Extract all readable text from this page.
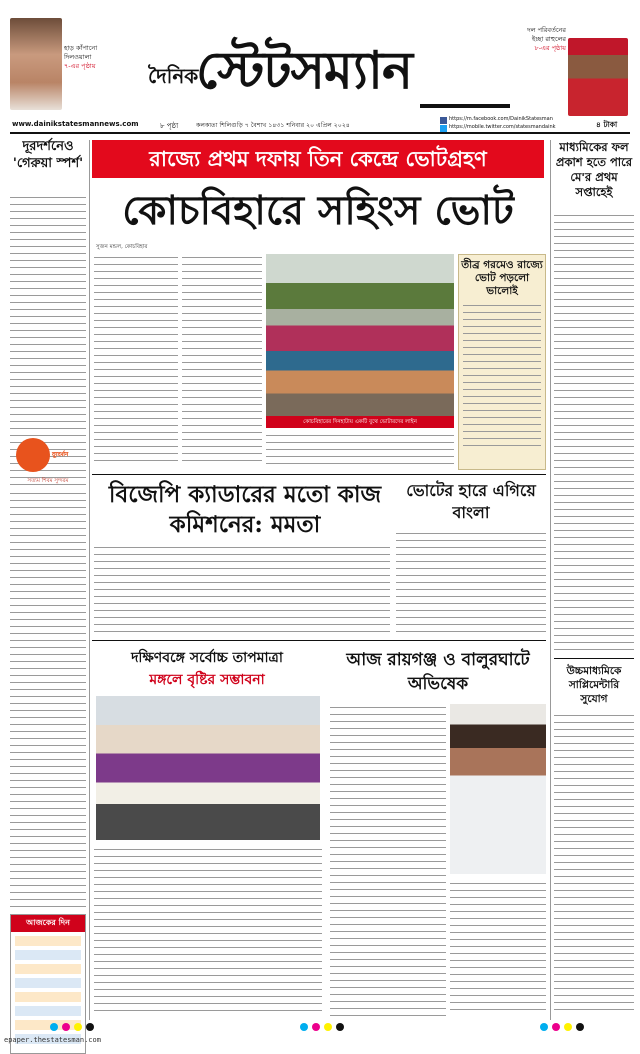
হাড় কাঁপানো
দিলওয়ালা
৭-এর পৃষ্ঠায়	দৈনিক
স্টেটসম্যান
দল পরিবর্তনের
ইচ্ছা রাহুলের
৮-এর পৃষ্ঠায়
www.dainikstatesmannews.com	৮ পৃষ্ঠা	কলকাতা শিলিগুড়ি ৭ বৈশাখ ১৪৩১ শনিবার ২০ এপ্রিল ২০২৪
https://m.facebook.com/DainikStatesman
https://mobile.twitter.com/statesmandaink	৪ টাকা
দূরদর্শনেও 'গেরুয়া স্পর্শ'
दूरदर्शन
সত্যম শিবম সুন্দরম
আজকের দিন
রাজ্যে প্রথম দফায় তিন কেন্দ্রে ভোটগ্রহণ
কোচবিহারে সহিংস ভোট
সুজন মন্ডল, কোচবিহার
কোচবিহারের দিনহাটায় একটি বুথে ভোটারদের লাইন
তীব্র গরমেও রাজ্যে ভোট পড়লো ভালোই
বিজেপি ক্যাডারের মতো কাজ কমিশনের: মমতা
ভোটের হারে এগিয়ে বাংলা
দক্ষিণবঙ্গে সর্বোচ্চ তাপমাত্রা
মঙ্গলে বৃষ্টির সম্ভাবনা
আজ রায়গঞ্জ ও বালুরঘাটে অভিষেক
মাধ্যমিকের ফল প্রকাশ হতে পারে মে'র প্রথম সপ্তাহেই
উচ্চমাধ্যমিকে সাপ্লিমেন্টারি সুযোগ
epaper.thestatesman.com
